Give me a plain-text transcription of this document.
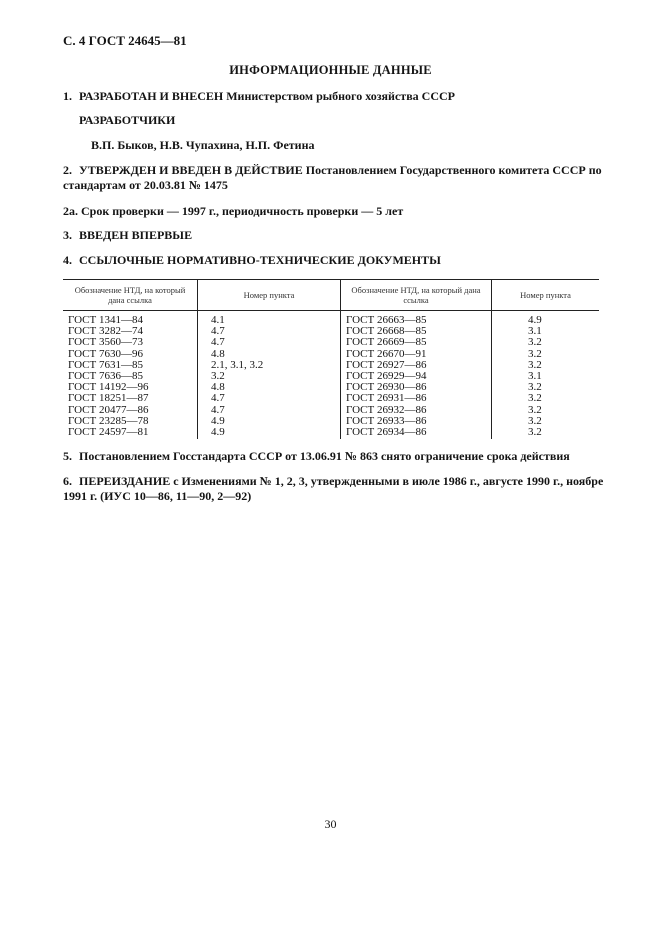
С. 4 ГОСТ 24645—81
ИНФОРМАЦИОННЫЕ ДАННЫЕ
1. РАЗРАБОТАН И ВНЕСЕН Министерством рыбного хозяйства СССР
РАЗРАБОТЧИКИ
В.П. Быков, Н.В. Чупахина, Н.П. Фетина
2. УТВЕРЖДЕН И ВВЕДЕН В ДЕЙСТВИЕ Постановлением Государственного комитета СССР по стандартам от 20.03.81 № 1475
2а. Срок проверки — 1997 г., периодичность проверки — 5 лет
3. ВВЕДЕН ВПЕРВЫЕ
4. ССЫЛОЧНЫЕ НОРМАТИВНО-ТЕХНИЧЕСКИЕ ДОКУМЕНТЫ
Обозначение НТД, на который дана ссылка	Номер пункта	Обозначение НТД, на который дана ссылка	Номер пункта
ГОСТ 1341—84	4.1	ГОСТ 26663—85	4.9
ГОСТ 3282—74	4.7	ГОСТ 26668—85	3.1
ГОСТ 3560—73	4.7	ГОСТ 26669—85	3.2
ГОСТ 7630—96	4.8	ГОСТ 26670—91	3.2
ГОСТ 7631—85	2.1, 3.1, 3.2	ГОСТ 26927—86	3.2
ГОСТ 7636—85	3.2	ГОСТ 26929—94	3.1
ГОСТ 14192—96	4.8	ГОСТ 26930—86	3.2
ГОСТ 18251—87	4.7	ГОСТ 26931—86	3.2
ГОСТ 20477—86	4.7	ГОСТ 26932—86	3.2
ГОСТ 23285—78	4.9	ГОСТ 26933—86	3.2
ГОСТ 24597—81	4.9	ГОСТ 26934—86	3.2
5. Постановлением Госстандарта СССР от 13.06.91 № 863 снято ограничение срока действия
6. ПЕРЕИЗДАНИЕ с Изменениями № 1, 2, 3, утвержденными в июле 1986 г., августе 1990 г., ноябре 1991 г. (ИУС 10—86, 11—90, 2—92)
30
